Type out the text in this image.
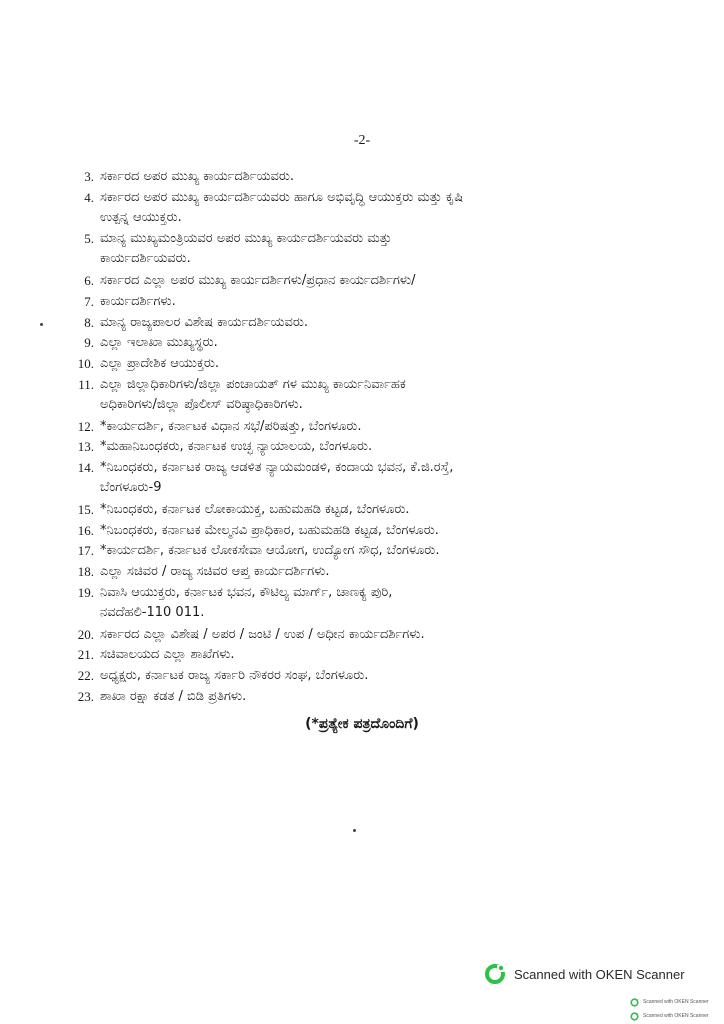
-2-
3. ಸರ್ಕಾರದ ಅಪರ ಮುಖ್ಯ ಕಾರ್ಯದರ್ಶಿಯವರು.
4. ಸರ್ಕಾರದ ಅಪರ ಮುಖ್ಯ ಕಾರ್ಯದರ್ಶಿಯವರು ಹಾಗೂ ಅಭಿವೃದ್ಧಿ ಆಯುಕ್ತರು ಮತ್ತು ಕೃಷಿ
ಉತ್ಪನ್ನ ಆಯುಕ್ತರು.
5. ಮಾನ್ಯ ಮುಖ್ಯಮಂತ್ರಿಯವರ ಅಪರ ಮುಖ್ಯ ಕಾರ್ಯದರ್ಶಿಯವರು ಮತ್ತು
ಕಾರ್ಯದರ್ಶಿಯವರು.
6. ಸರ್ಕಾರದ ಎಲ್ಲಾ ಅಪರ ಮುಖ್ಯ ಕಾರ್ಯದರ್ಶಿಗಳು/ಪ್ರಧಾನ ಕಾರ್ಯದರ್ಶಿಗಳು/
7. ಕಾರ್ಯದರ್ಶಿಗಳು.
8. ಮಾನ್ಯ ರಾಜ್ಯಪಾಲರ ವಿಶೇಷ ಕಾರ್ಯದರ್ಶಿಯವರು.
9. ಎಲ್ಲಾ ಇಲಾಖಾ ಮುಖ್ಯಸ್ಥರು.
10. ಎಲ್ಲಾ ಪ್ರಾದೇಶಿಕ ಆಯುಕ್ತರು.
11. ಎಲ್ಲಾ ಜಿಲ್ಲಾಧಿಕಾರಿಗಳು/ಜಿಲ್ಲಾ ಪಂಚಾಯತ್ ಗಳ ಮುಖ್ಯ ಕಾರ್ಯನಿರ್ವಾಹಕ
ಅಧಿಕಾರಿಗಳು/ಜಿಲ್ಲಾ ಪೊಲೀಸ್ ವರಿಷ್ಠಾಧಿಕಾರಿಗಳು.
12. *ಕಾರ್ಯದರ್ಶಿ, ಕರ್ನಾಟಕ ವಿಧಾನ ಸಭೆ/ಪರಿಷತ್ತು, ಬೆಂಗಳೂರು.
13. *ಮಹಾನಿಬಂಧಕರು, ಕರ್ನಾಟಕ ಉಚ್ಛ ನ್ಯಾಯಾಲಯ, ಬೆಂಗಳೂರು.
14. *ನಿಬಂಧಕರು, ಕರ್ನಾಟಕ ರಾಜ್ಯ ಆಡಳಿತ ನ್ಯಾಯಮಂಡಳಿ, ಕಂದಾಯ ಭವನ, ಕೆ.ಜಿ.ರಸ್ತೆ,
ಬೆಂಗಳೂರು-9
15. *ನಿಬಂಧಕರು, ಕರ್ನಾಟಕ ಲೋಕಾಯುಕ್ತ, ಬಹುಮಹಡಿ ಕಟ್ಟಡ, ಬೆಂಗಳೂರು.
16. *ನಿಬಂಧಕರು, ಕರ್ನಾಟಕ ಮೇಲ್ಮನವಿ ಪ್ರಾಧಿಕಾರ, ಬಹುಮಹಡಿ ಕಟ್ಟಡ, ಬೆಂಗಳೂರು.
17. *ಕಾರ್ಯದರ್ಶಿ, ಕರ್ನಾಟಕ ಲೋಕಸೇವಾ ಆಯೋಗ, ಉದ್ಯೋಗ ಸೌಧ, ಬೆಂಗಳೂರು.
18. ಎಲ್ಲಾ ಸಚಿವರ / ರಾಜ್ಯ ಸಚಿವರ ಆಪ್ತ ಕಾರ್ಯದರ್ಶಿಗಳು.
19. ನಿವಾಸಿ ಆಯುಕ್ತರು, ಕರ್ನಾಟಕ ಭವನ, ಕೌಟಿಲ್ಯ ಮಾರ್ಗ್, ಚಾಣಕ್ಯ ಪುರಿ,
ನವದೆಹಲಿ-110 011.
20. ಸರ್ಕಾರದ ಎಲ್ಲಾ ವಿಶೇಷ / ಅಪರ / ಜಂಟಿ / ಉಪ / ಅಧೀನ ಕಾರ್ಯದರ್ಶಿಗಳು.
21. ಸಚಿವಾಲಯದ ಎಲ್ಲಾ ಶಾಖೆಗಳು.
22. ಅಧ್ಯಕ್ಷರು, ಕರ್ನಾಟಕ ರಾಜ್ಯ ಸರ್ಕಾರಿ ನೌಕರರ ಸಂಘ, ಬೆಂಗಳೂರು.
23. ಶಾಖಾ ರಕ್ಷಾ ಕಡತ / ಬಿಡಿ ಪ್ರತಿಗಳು.
(*ಪ್ರತ್ಯೇಕ ಪತ್ರದೊಂದಿಗೆ)
Scanned with OKEN Scanner
Scanned with OKEN Scanner
Scanned with OKEN Scanner
